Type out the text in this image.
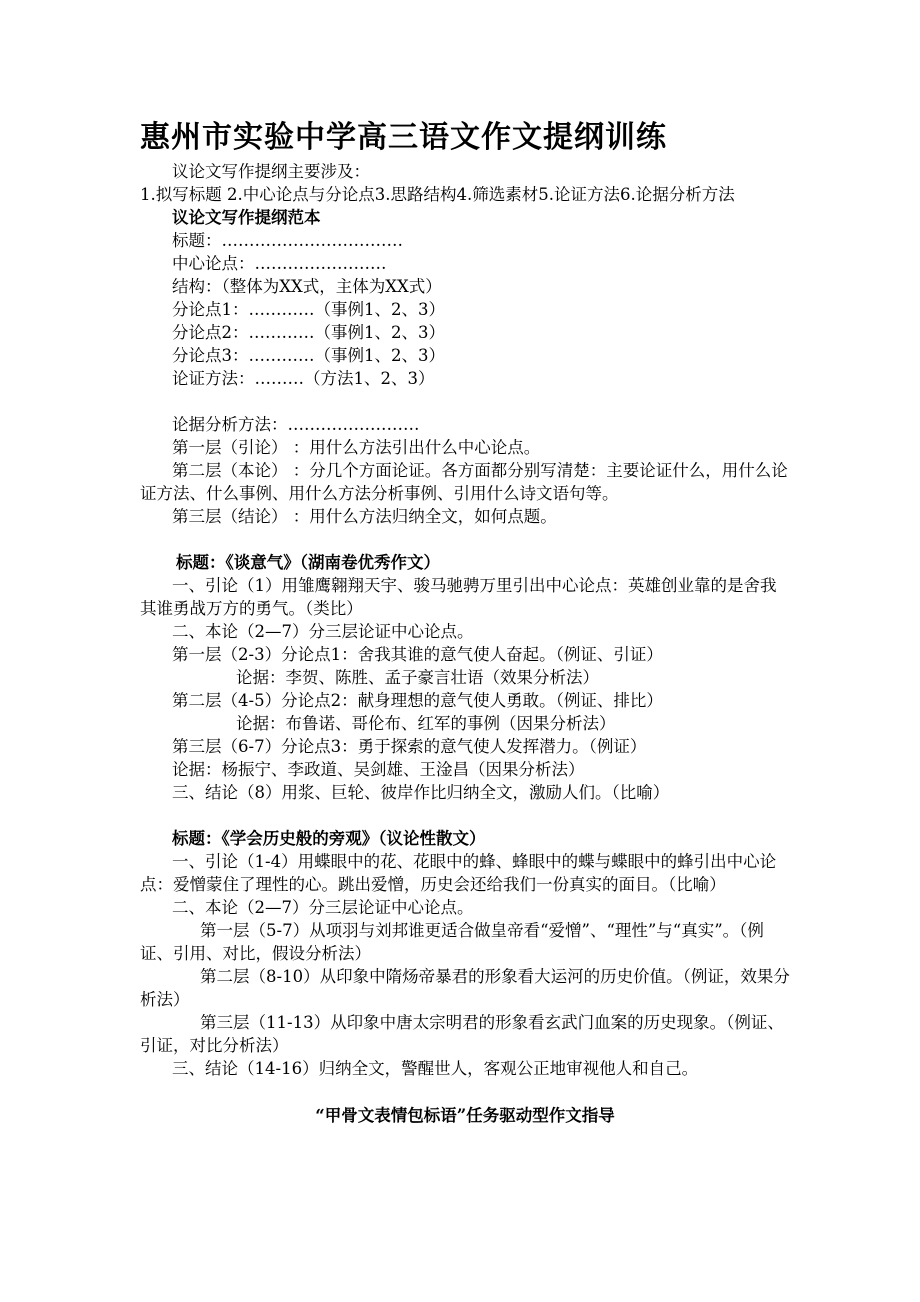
惠州市实验中学高三语文作文提纲训练

议论文写作提纲主要涉及：

1.拟写标题 2.中心论点与分论点3.思路结构4.筛选素材5.论证方法6.论据分析方法

议论文写作提纲范本

标题：……………………………

中心论点：……………………

结构：（整体为XX式，主体为XX式）

分论点1：…………（事例1、2、3）

分论点2：…………（事例1、2、3）

分论点3：…………（事例1、2、3）

论证方法：………（方法1、2、3）

论据分析方法：……………………

第一层（引论） ：用什么方法引出什么中心论点。

第二层（本论） ：分几个方面论证。各方面都分别写清楚：主要论证什么，用什么论证方法、什么事例、用什么方法分析事例、引用什么诗文语句等。

第三层（结论） ：用什么方法归纳全文，如何点题。

标题：《谈意气》（湖南卷优秀作文）

一、引论（1）用雏鹰翱翔天宇、骏马驰骋万里引出中心论点：英雄创业靠的是舍我其谁勇战万方的勇气。（类比）

二、本论（2—7）分三层论证中心论点。

第一层（2-3）分论点1：舍我其谁的意气使人奋起。（例证、引证）

论据：李贺、陈胜、孟子豪言壮语（效果分析法）

第二层（4-5）分论点2：献身理想的意气使人勇敢。（例证、排比）

论据：布鲁诺、哥伦布、红军的事例（因果分析法）

第三层（6-7）分论点3：勇于探索的意气使人发挥潜力。（例证）

论据：杨振宁、李政道、吴剑雄、王淦昌（因果分析法）

三、结论（8）用浆、巨轮、彼岸作比归纳全文，激励人们。（比喻）

标题：《学会历史般的旁观》（议论性散文）

一、引论（1-4）用蝶眼中的花、花眼中的蜂、蜂眼中的蝶与蝶眼中的蜂引出中心论点：爱憎蒙住了理性的心。跳出爱憎，历史会还给我们一份真实的面目。（比喻）

二、本论（2—7）分三层论证中心论点。

第一层（5-7）从项羽与刘邦谁更适合做皇帝看“爱憎”、“理性”与“真实”。（例证、引用、对比，假设分析法）

第二层（8-10）从印象中隋炀帝暴君的形象看大运河的历史价值。（例证，效果分析法）

第三层（11-13）从印象中唐太宗明君的形象看玄武门血案的历史现象。（例证、引证，对比分析法）

三、结论（14-16）归纳全文，警醒世人，客观公正地审视他人和自己。

“甲骨文表情包标语”任务驱动型作文指导
